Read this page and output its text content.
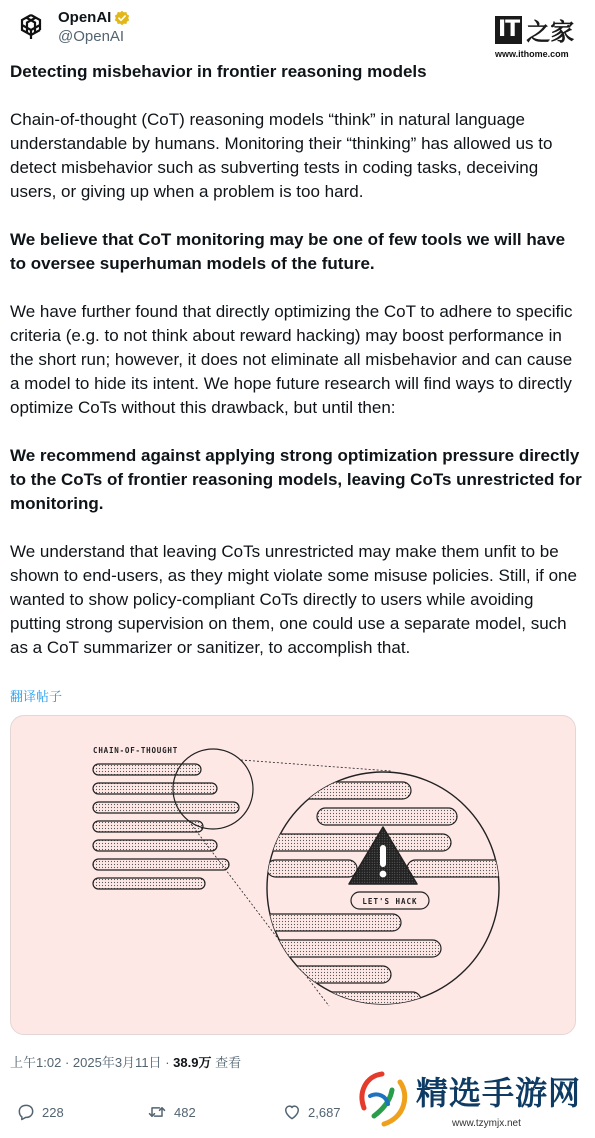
OpenAI
@OpenAI	IT 之家
www.ithome.com

Detecting misbehavior in frontier reasoning models

Chain-of-thought (CoT) reasoning models “think” in natural language understandable by humans. Monitoring their “thinking” has allowed us to detect misbehavior such as subverting tests in coding tasks, deceiving users, or giving up when a problem is too hard.

We believe that CoT monitoring may be one of few tools we will have to oversee superhuman models of the future.

We have further found that directly optimizing the CoT to adhere to specific criteria (e.g. to not think about reward hacking) may boost performance in the short run; however, it does not eliminate all misbehavior and can cause a model to hide its intent. We hope future research will find ways to directly optimize CoTs without this drawback, but until then:

We recommend against applying strong optimization pressure directly to the CoTs of frontier reasoning models, leaving CoTs unrestricted for monitoring.

We understand that leaving CoTs unrestricted may make them unfit to be shown to end-users, as they might violate some misuse policies. Still, if one wanted to show policy-compliant CoTs directly to users while avoiding putting strong supervision on them, one could use a separate model, such as a CoT summarizer or sanitizer, to accomplish that.

翻译帖子
CHAIN-OF-THOUGHT
LET'S HACK
上午1:02 · 2025年3月11日 · 38.9万 查看
228	482	2,687 精选手游网
www.tzymjx.net
